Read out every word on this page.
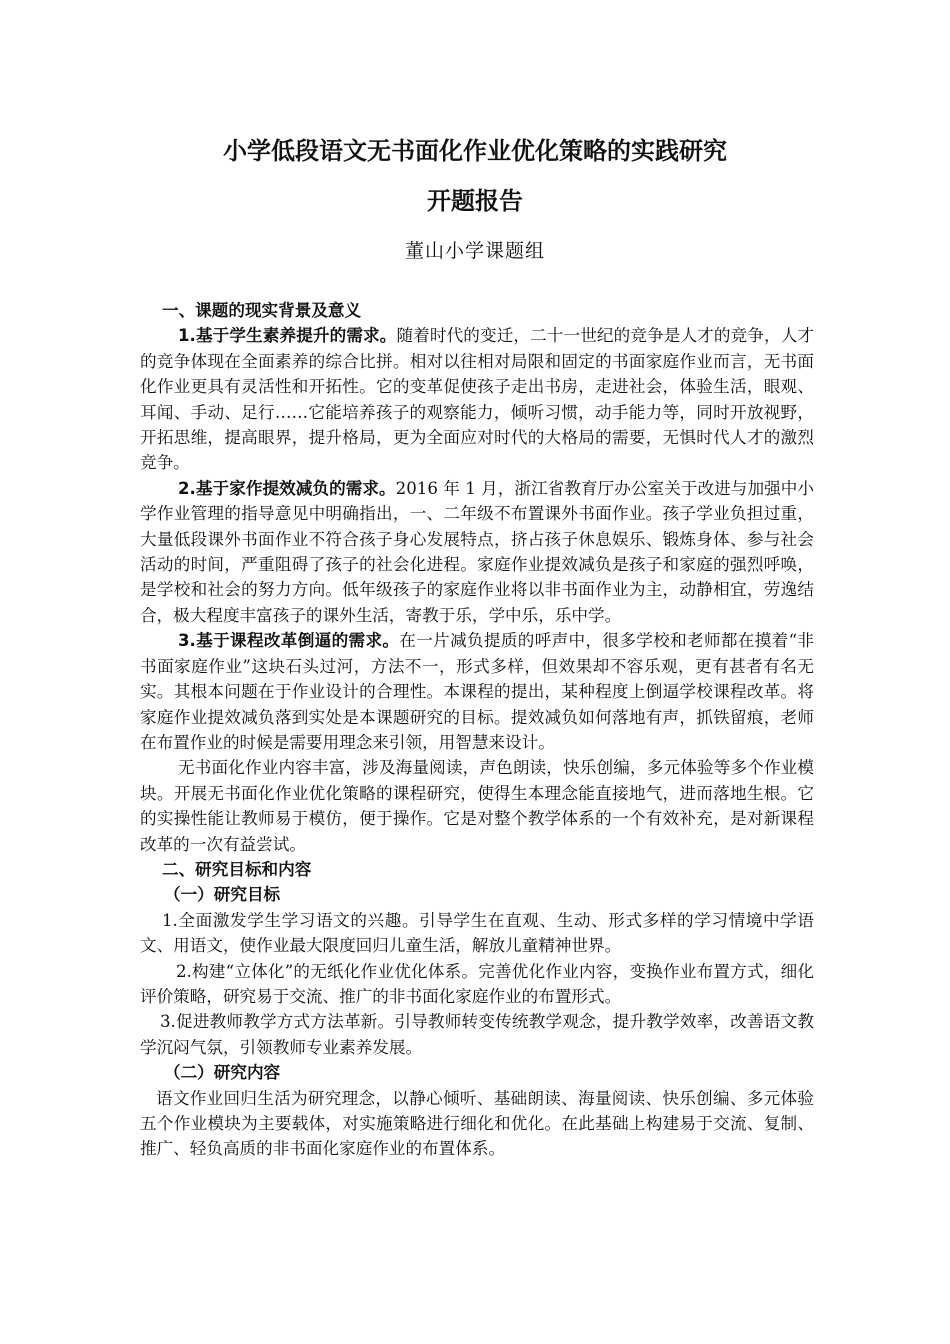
小学低段语文无书面化作业优化策略的实践研究
开题报告
董山小学课题组

一、课题的现实背景及意义

1.基于学生素养提升的需求。随着时代的变迁，二十一世纪的竞争是人才的竞争，人才的竞争体现在全面素养的综合比拼。相对以往相对局限和固定的书面家庭作业而言，无书面化作业更具有灵活性和开拓性。它的变革促使孩子走出书房，走进社会，体验生活，眼观、耳闻、手动、足行……它能培养孩子的观察能力，倾听习惯，动手能力等，同时开放视野，开拓思维，提高眼界，提升格局，更为全面应对时代的大格局的需要，无惧时代人才的激烈竞争。

2.基于家作提效减负的需求。2016 年 1 月，浙江省教育厅办公室关于改进与加强中小学作业管理的指导意见中明确指出，一、二年级不布置课外书面作业。孩子学业负担过重，大量低段课外书面作业不符合孩子身心发展特点，挤占孩子休息娱乐、锻炼身体、参与社会活动的时间，严重阻碍了孩子的社会化进程。家庭作业提效减负是孩子和家庭的强烈呼唤，是学校和社会的努力方向。低年级孩子的家庭作业将以非书面作业为主，动静相宜，劳逸结合，极大程度丰富孩子的课外生活，寄教于乐，学中乐，乐中学。

3.基于课程改革倒逼的需求。在一片减负提质的呼声中，很多学校和老师都在摸着“非书面家庭作业”这块石头过河，方法不一，形式多样，但效果却不容乐观，更有甚者有名无实。其根本问题在于作业设计的合理性。本课程的提出，某种程度上倒逼学校课程改革。将家庭作业提效减负落到实处是本课题研究的目标。提效减负如何落地有声，抓铁留痕，老师在布置作业的时候是需要用理念来引领，用智慧来设计。

无书面化作业内容丰富，涉及海量阅读，声色朗读，快乐创编，多元体验等多个作业模块。开展无书面化作业优化策略的课程研究，使得生本理念能直接地气，进而落地生根。它的实操性能让教师易于模仿，便于操作。它是对整个教学体系的一个有效补充，是对新课程改革的一次有益尝试。

二、研究目标和内容

（一）研究目标

1.全面激发学生学习语文的兴趣。引导学生在直观、生动、形式多样的学习情境中学语文、用语文，使作业最大限度回归儿童生活，解放儿童精神世界。

2.构建“立体化”的无纸化作业优化体系。完善优化作业内容，变换作业布置方式，细化评价策略，研究易于交流、推广的非书面化家庭作业的布置形式。

3.促进教师教学方式方法革新。引导教师转变传统教学观念，提升教学效率，改善语文教学沉闷气氛，引领教师专业素养发展。

（二）研究内容

语文作业回归生活为研究理念，以静心倾听、基础朗读、海量阅读、快乐创编、多元体验五个作业模块为主要载体，对实施策略进行细化和优化。在此基础上构建易于交流、复制、推广、轻负高质的非书面化家庭作业的布置体系。
